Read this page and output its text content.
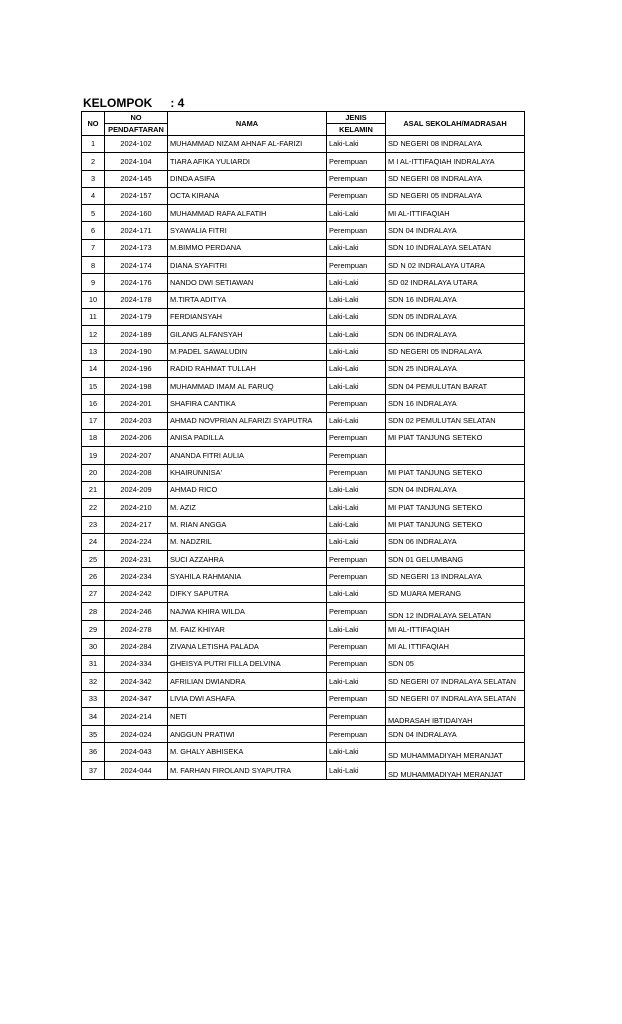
KELOMPOK : 4
NO	NO	NAMA	JENIS	ASAL SEKOLAH/MADRASAH
	PENDAFTARAN		KELAMIN	
1	2024-102	MUHAMMAD NIZAM AHNAF AL-FARIZI	Laki-Laki	SD NEGERI 08 INDRALAYA
2	2024-104	TIARA AFIKA YULIARDI	Perempuan	M I AL-ITTIFAQIAH INDRALAYA
3	2024-145	DINDA ASIFA	Perempuan	SD NEGERI 08 INDRALAYA
4	2024-157	OCTA KIRANA	Perempuan	SD NEGERI 05 INDRALAYA
5	2024-160	MUHAMMAD RAFA ALFATIH	Laki-Laki	MI AL-ITTIFAQIAH
6	2024-171	SYAWALIA FITRI	Perempuan	SDN 04 INDRALAYA
7	2024-173	M.BIMMO PERDANA	Laki-Laki	SDN 10 INDRALAYA SELATAN
8	2024-174	DIANA SYAFITRI	Perempuan	SD N 02 INDRALAYA UTARA
9	2024-176	NANDO DWI SETIAWAN	Laki-Laki	SD 02 INDRALAYA UTARA
10	2024-178	M.TIRTA ADITYA	Laki-Laki	SDN 16 INDRALAYA
11	2024-179	FERDIANSYAH	Laki-Laki	SDN 05 INDRALAYA
12	2024-189	GILANG ALFANSYAH	Laki-Laki	SDN 06 INDRALAYA
13	2024-190	M.PADEL SAWALUDIN	Laki-Laki	SD NEGERI 05 INDRALAYA
14	2024-196	RADID RAHMAT TULLAH	Laki-Laki	SDN 25 INDRALAYA
15	2024-198	MUHAMMAD IMAM AL FARUQ	Laki-Laki	SDN 04 PEMULUTAN BARAT
16	2024-201	SHAFIRA CANTIKA	Perempuan	SDN 16 INDRALAYA
17	2024-203	AHMAD NOVPRIAN ALFARIZI SYAPUTRA	Laki-Laki	SDN 02 PEMULUTAN SELATAN
18	2024-206	ANISA PADILLA	Perempuan	MI PIAT TANJUNG SETEKO
19	2024-207	ANANDA FITRI AULIA	Perempuan	
20	2024-208	KHAIRUNNISA'	Perempuan	MI PIAT TANJUNG SETEKO
21	2024-209	AHMAD RICO	Laki-Laki	SDN 04 INDRALAYA
22	2024-210	M. AZIZ	Laki-Laki	MI PIAT TANJUNG SETEKO
23	2024-217	M. RIAN ANGGA	Laki-Laki	MI PIAT TANJUNG SETEKO
24	2024-224	M. NADZRIL	Laki-Laki	SDN 06 INDRALAYA
25	2024-231	SUCI AZZAHRA	Perempuan	SDN 01 GELUMBANG
26	2024-234	SYAHILA RAHMANIA	Perempuan	SD NEGERI 13 INDRALAYA
27	2024-242	DIFKY SAPUTRA	Laki-Laki	SD MUARA MERANG
28	2024-246	NAJWA KHIRA WILDA	Perempuan	SDN 12 INDRALAYA SELATAN
29	2024-278	M. FAIZ KHIYAR	Laki-Laki	MI AL-ITTIFAQIAH
30	2024-284	ZIVANA LETISHA PALADA	Perempuan	MI AL ITTIFAQIAH
31	2024-334	GHEISYA PUTRI FILLA DELVINA	Perempuan	SDN 05
32	2024-342	AFRILIAN DWIANDRA	Laki-Laki	SD NEGERI 07 INDRALAYA SELATAN
33	2024-347	LIVIA DWI ASHAFA	Perempuan	SD NEGERI 07 INDRALAYA SELATAN
34	2024-214	NETI	Perempuan	MADRASAH IBTIDAIYAH
35	2024-024	ANGGUN PRATIWI	Perempuan	SDN 04 INDRALAYA
36	2024-043	M. GHALY ABHISEKA	Laki-Laki	SD MUHAMMADIYAH MERANJAT
37	2024-044	M. FARHAN FIROLAND SYAPUTRA	Laki-Laki	SD MUHAMMADIYAH MERANJAT
